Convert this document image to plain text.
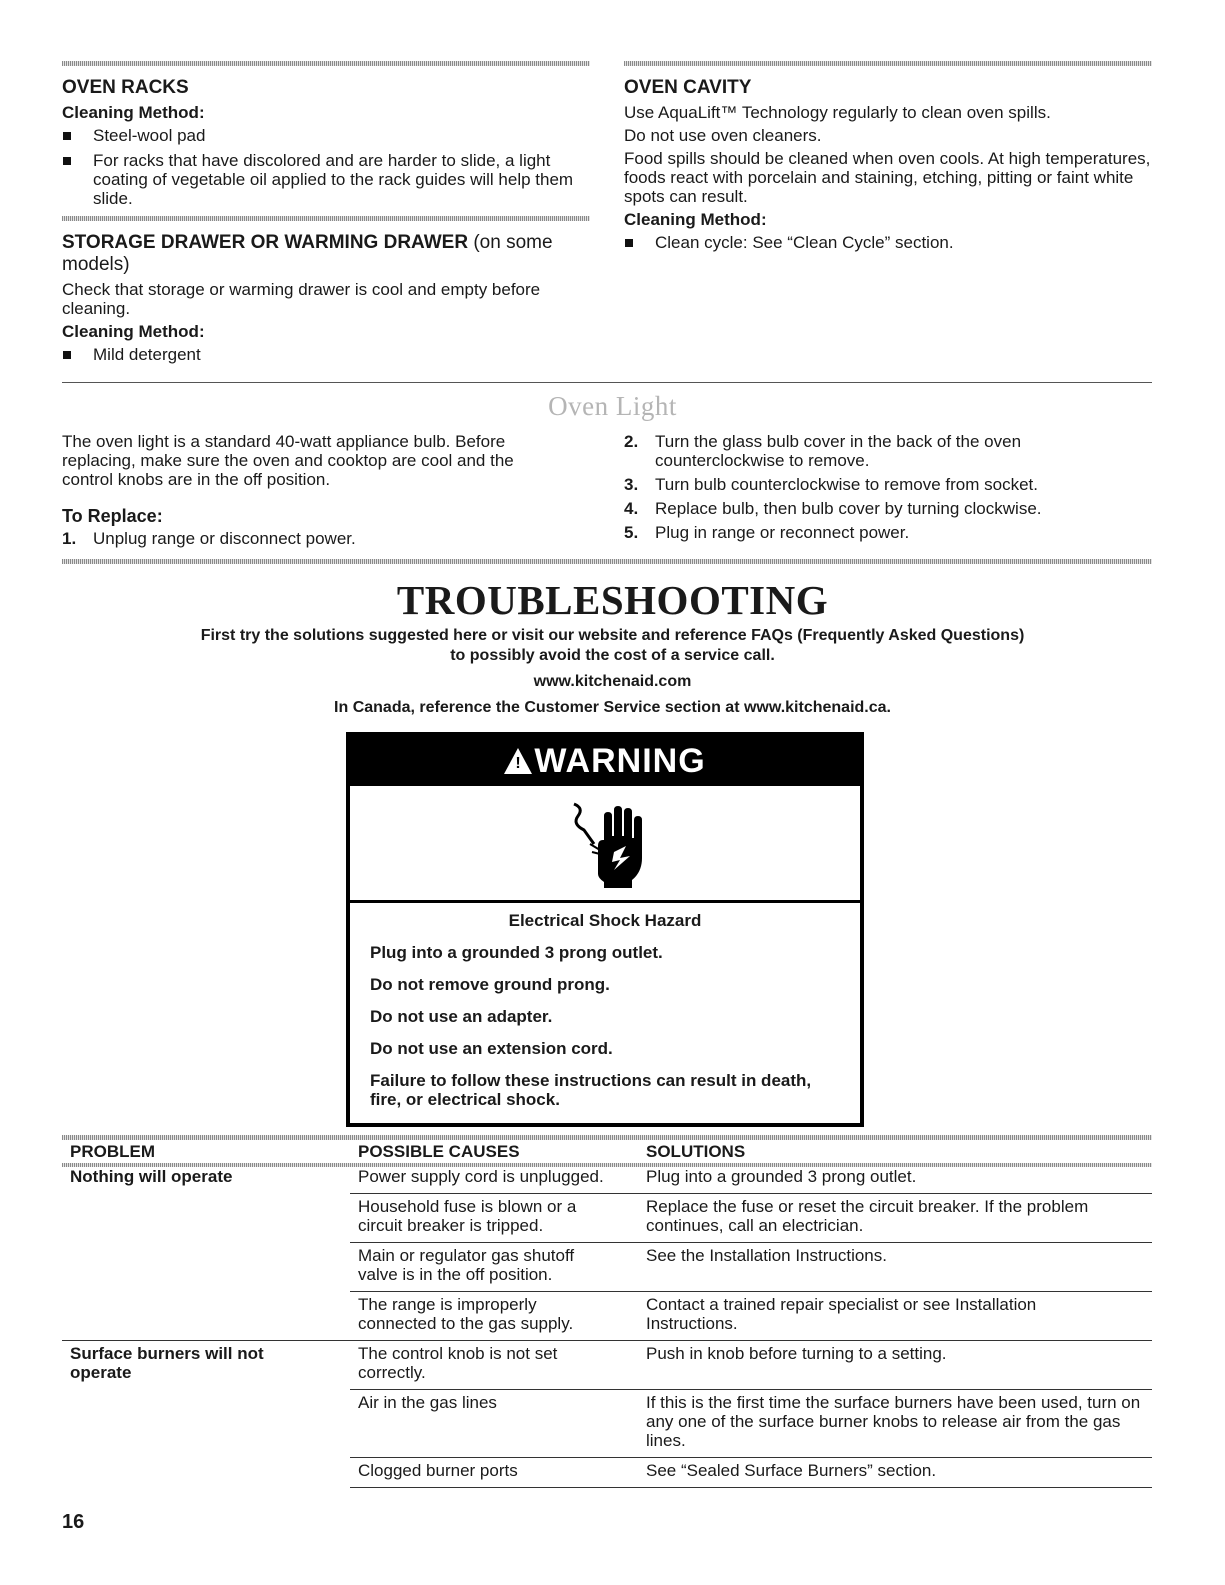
OVEN RACKS
Cleaning Method:
Steel-wool pad
For racks that have discolored and are harder to slide, a light coating of vegetable oil applied to the rack guides will help them slide.
STORAGE DRAWER OR WARMING DRAWER (on some models)

Check that storage or warming drawer is cool and empty before cleaning.

Cleaning Method:
Mild detergent
OVEN CAVITY

Use AquaLift™ Technology regularly to clean oven spills.

Do not use oven cleaners.

Food spills should be cleaned when oven cools. At high temperatures, foods react with porcelain and staining, etching, pitting or faint white spots can result.

Cleaning Method:
Clean cycle: See “Clean Cycle” section.
Oven Light

The oven light is a standard 40-watt appliance bulb. Before replacing, make sure the oven and cooktop are cool and the control knobs are in the off position.

To Replace:
1. Unplug range or disconnect power.
2. Turn the glass bulb cover in the back of the oven counterclockwise to remove.
3. Turn bulb counterclockwise to remove from socket.
4. Replace bulb, then bulb cover by turning clockwise.
5. Plug in range or reconnect power.
TROUBLESHOOTING
First try the solutions suggested here or visit our website and reference FAQs (Frequently Asked Questions)
to possibly avoid the cost of a service call.
www.kitchenaid.com
In Canada, reference the Customer Service section at www.kitchenaid.ca.
! WARNING
Electrical Shock Hazard
Plug into a grounded 3 prong outlet.
Do not remove ground prong.
Do not use an adapter.
Do not use an extension cord.
Failure to follow these instructions can result in death, fire, or electrical shock.
PROBLEM	POSSIBLE CAUSES	SOLUTIONS
Nothing will operate	Power supply cord is unplugged.	Plug into a grounded 3 prong outlet.
	Household fuse is blown or a circuit breaker is tripped.	Replace the fuse or reset the circuit breaker. If the problem continues, call an electrician.
	Main or regulator gas shutoff valve is in the off position.	See the Installation Instructions.
	The range is improperly connected to the gas supply.	Contact a trained repair specialist or see Installation Instructions.
Surface burners will not operate	The control knob is not set correctly.	Push in knob before turning to a setting.
	Air in the gas lines	If this is the first time the surface burners have been used, turn on any one of the surface burner knobs to release air from the gas lines.
	Clogged burner ports	See “Sealed Surface Burners” section.
16
